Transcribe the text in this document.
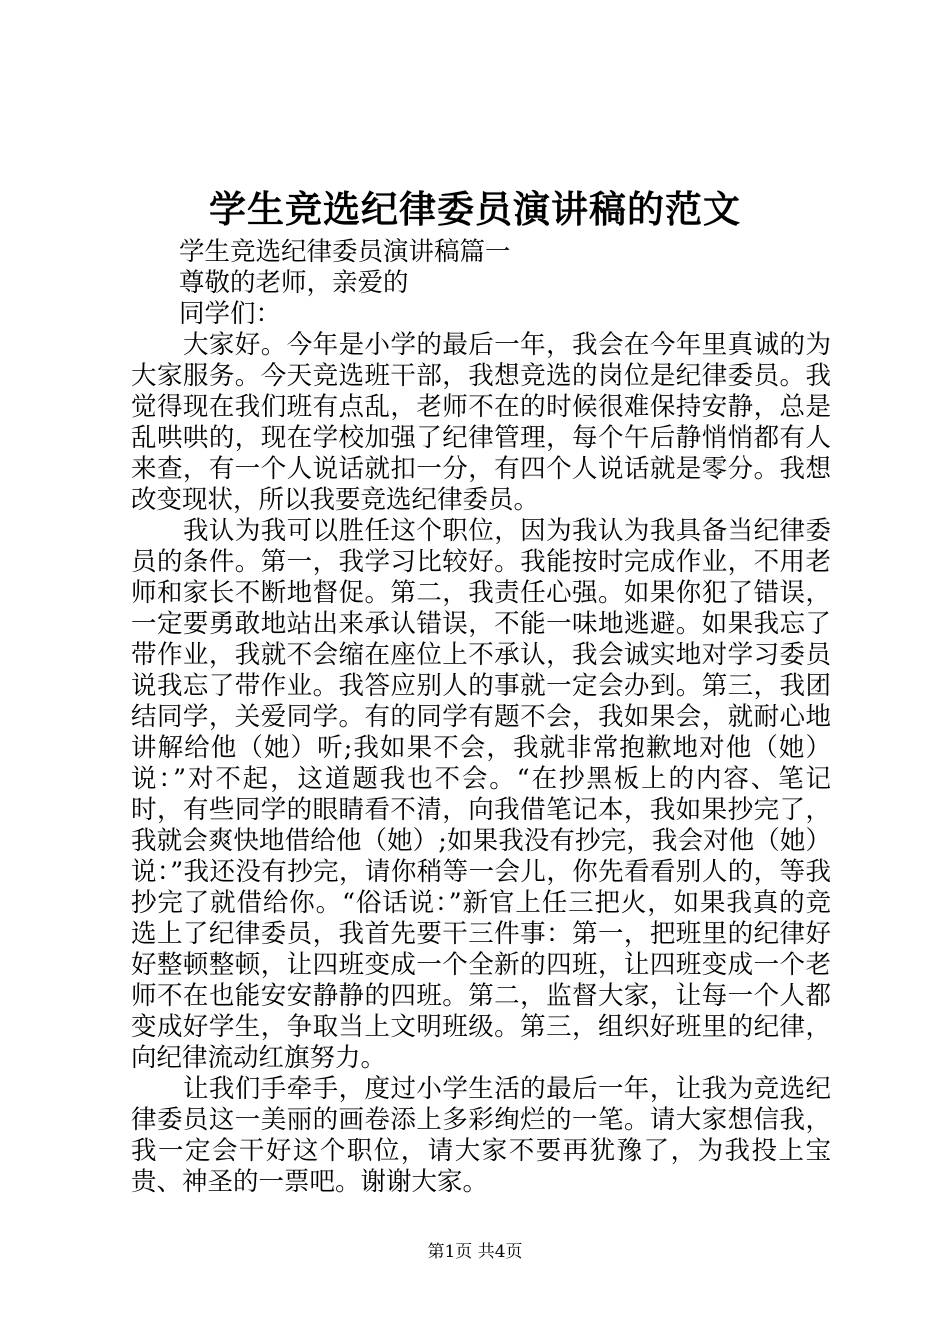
学生竞选纪律委员演讲稿的范文

学生竞选纪律委员演讲稿篇一

尊敬的老师，亲爱的

同学们：

大家好。今年是小学的最后一年，我会在今年里真诚的为大家服务。今天竞选班干部，我想竞选的岗位是纪律委员。我觉得现在我们班有点乱，老师不在的时候很难保持安静，总是乱哄哄的，现在学校加强了纪律管理，每个午后静悄悄都有人来查，有一个人说话就扣一分，有四个人说话就是零分。我想改变现状，所以我要竞选纪律委员。

我认为我可以胜任这个职位，因为我认为我具备当纪律委员的条件。第一，我学习比较好。我能按时完成作业，不用老师和家长不断地督促。第二，我责任心强。如果你犯了错误，一定要勇敢地站出来承认错误，不能一味地逃避。如果我忘了带作业，我就不会缩在座位上不承认，我会诚实地对学习委员说我忘了带作业。我答应别人的事就一定会办到。第三，我团结同学，关爱同学。有的同学有题不会，我如果会，就耐心地讲解给他（她）听;我如果不会，我就非常抱歉地对他（她）说：”对不起，这道题我也不会。“在抄黑板上的内容、笔记时，有些同学的眼睛看不清，向我借笔记本，我如果抄完了，我就会爽快地借给他（她）;如果我没有抄完，我会对他（她）说：”我还没有抄完，请你稍等一会儿，你先看看别人的，等我抄完了就借给你。“俗话说：”新官上任三把火，如果我真的竞选上了纪律委员，我首先要干三件事：第一，把班里的纪律好好整顿整顿，让四班变成一个全新的四班，让四班变成一个老师不在也能安安静静的四班。第二，监督大家，让每一个人都变成好学生，争取当上文明班级。第三，组织好班里的纪律，向纪律流动红旗努力。

让我们手牵手，度过小学生活的最后一年，让我为竞选纪律委员这一美丽的画卷添上多彩绚烂的一笔。请大家想信我，我一定会干好这个职位，请大家不要再犹豫了，为我投上宝贵、神圣的一票吧。谢谢大家。

第1页 共4页
